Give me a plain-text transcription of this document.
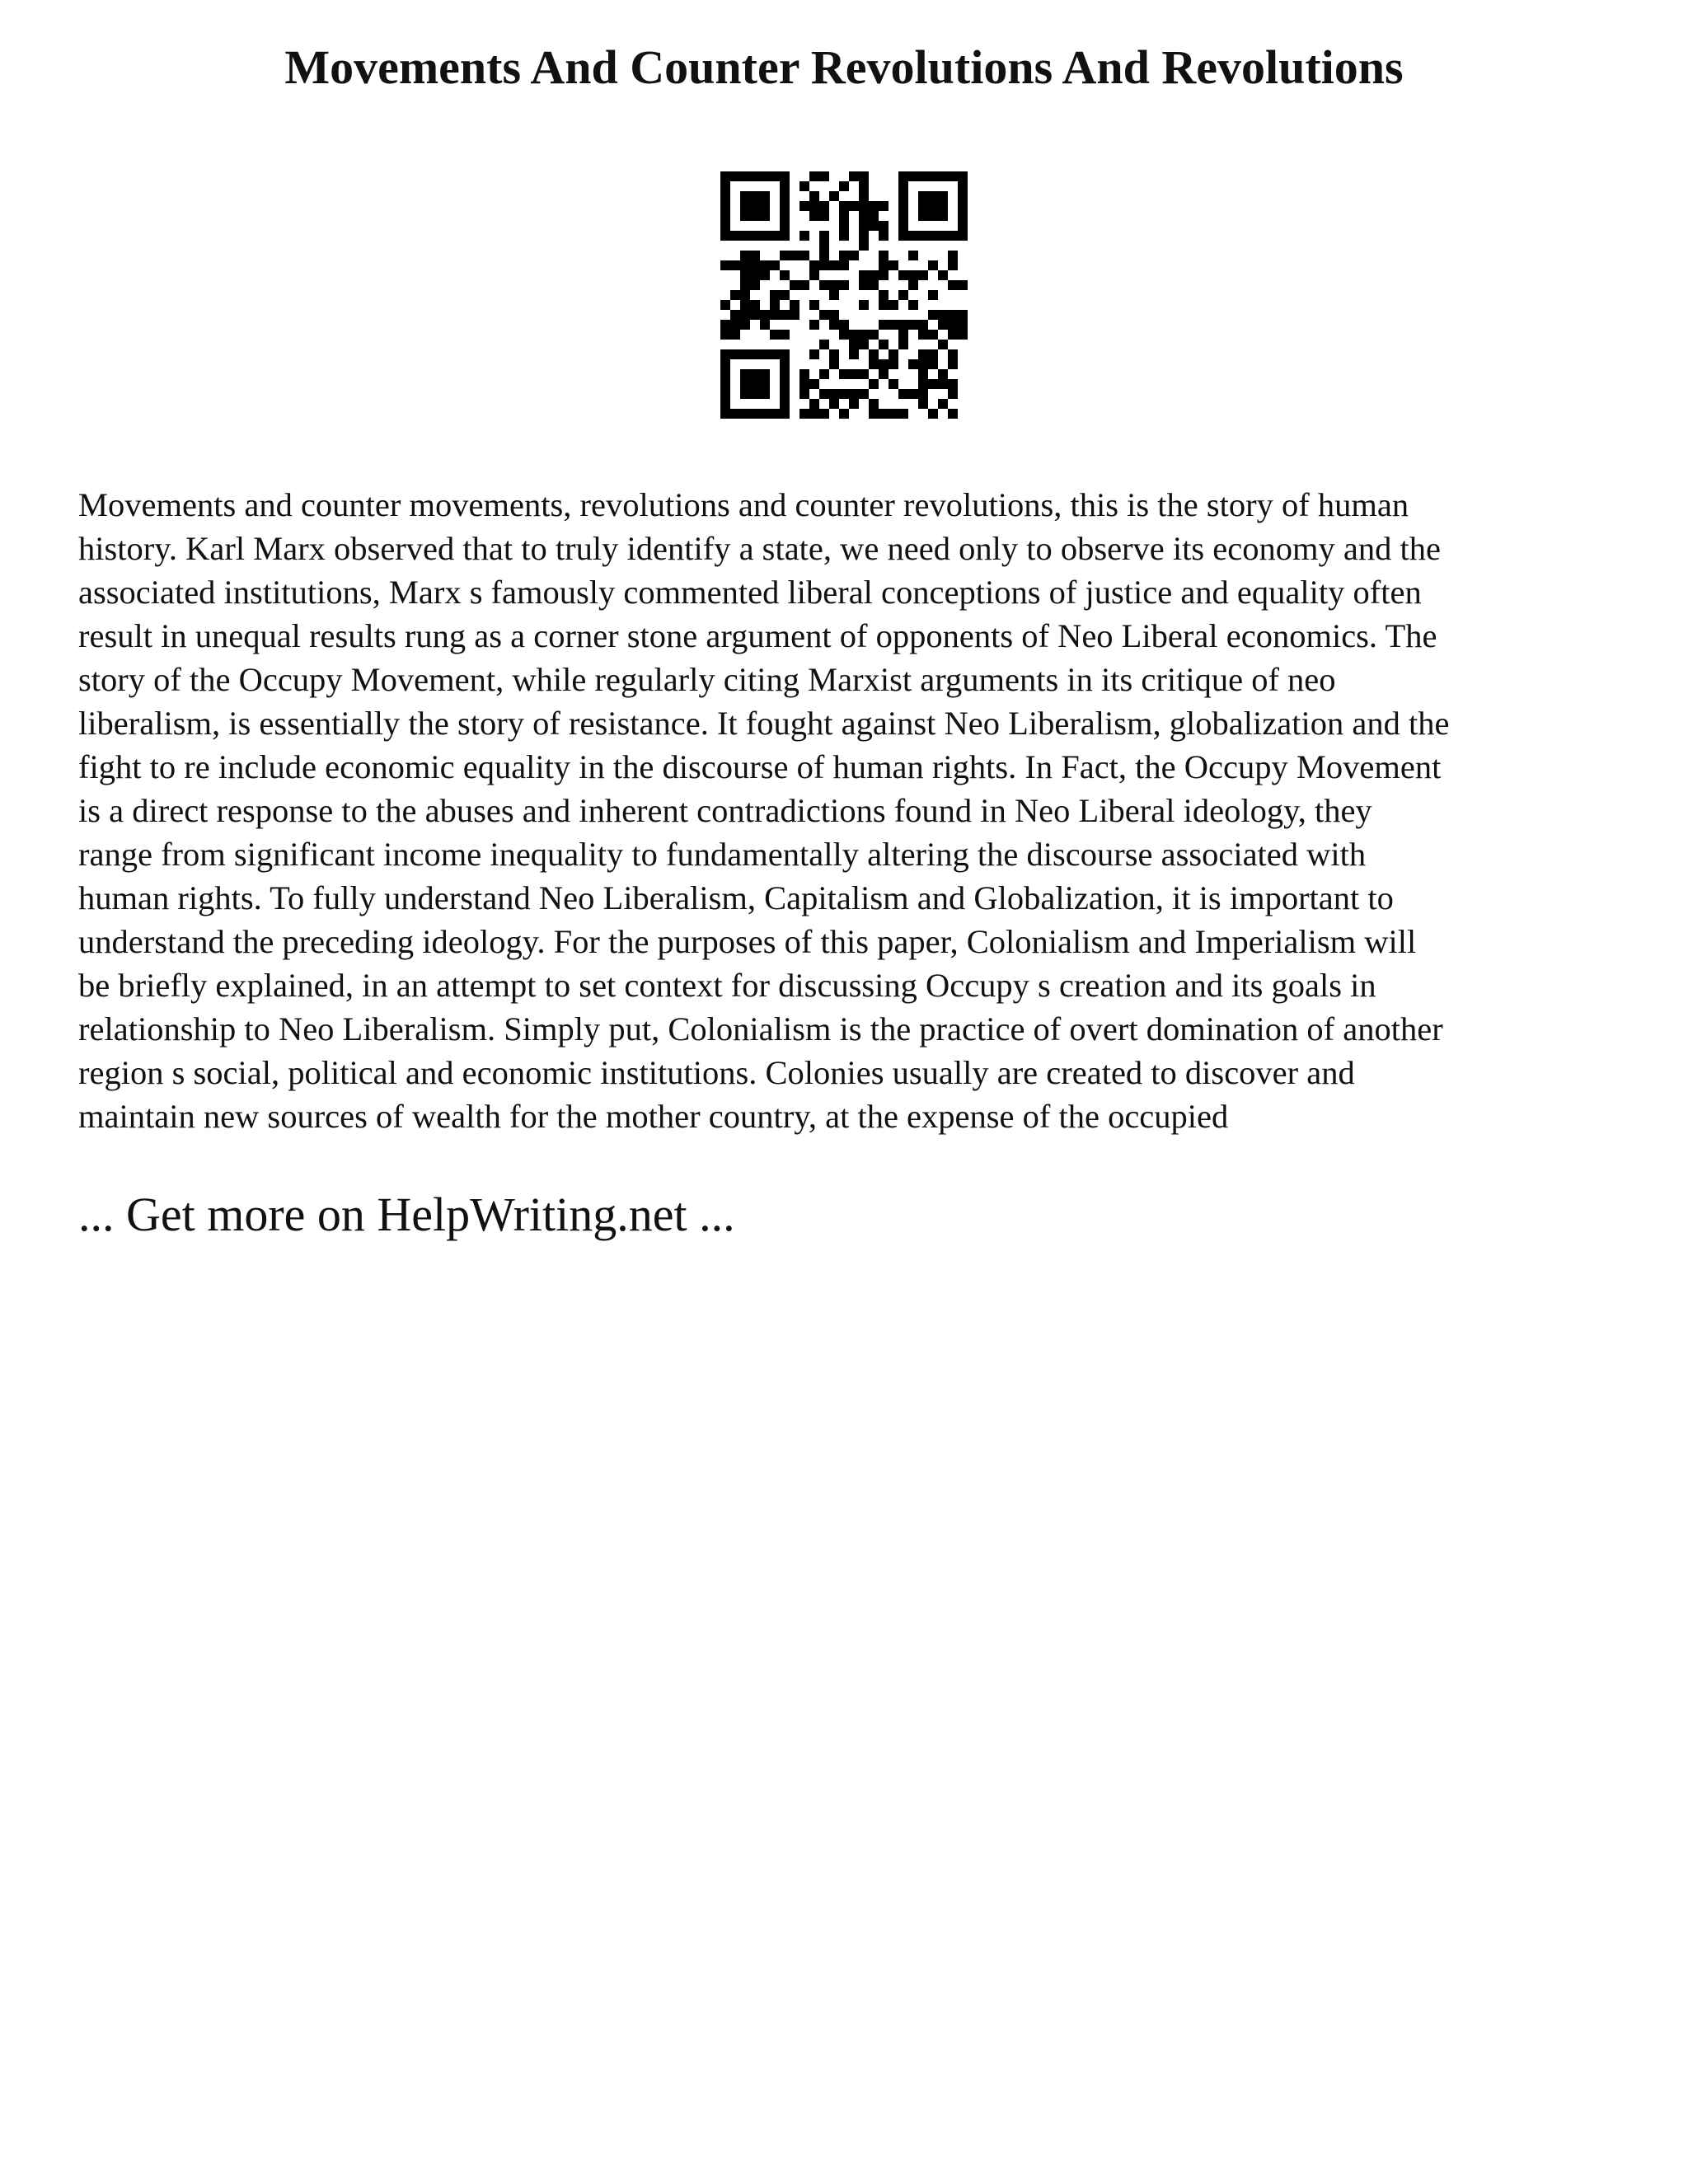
Movements And Counter Revolutions And Revolutions

Movements and counter movements, revolutions and counter revolutions, this is the story of human
history. Karl Marx observed that to truly identify a state, we need only to observe its economy and the
associated institutions, Marx s famously commented liberal conceptions of justice and equality often
result in unequal results rung as a corner stone argument of opponents of Neo Liberal economics. The
story of the Occupy Movement, while regularly citing Marxist arguments in its critique of neo
liberalism, is essentially the story of resistance. It fought against Neo Liberalism, globalization and the
fight to re include economic equality in the discourse of human rights. In Fact, the Occupy Movement
is a direct response to the abuses and inherent contradictions found in Neo Liberal ideology, they
range from significant income inequality to fundamentally altering the discourse associated with
human rights. To fully understand Neo Liberalism, Capitalism and Globalization, it is important to
understand the preceding ideology. For the purposes of this paper, Colonialism and Imperialism will
be briefly explained, in an attempt to set context for discussing Occupy s creation and its goals in
relationship to Neo Liberalism. Simply put, Colonialism is the practice of overt domination of another
region s social, political and economic institutions. Colonies usually are created to discover and
maintain new sources of wealth for the mother country, at the expense of the occupied

... Get more on HelpWriting.net ...
